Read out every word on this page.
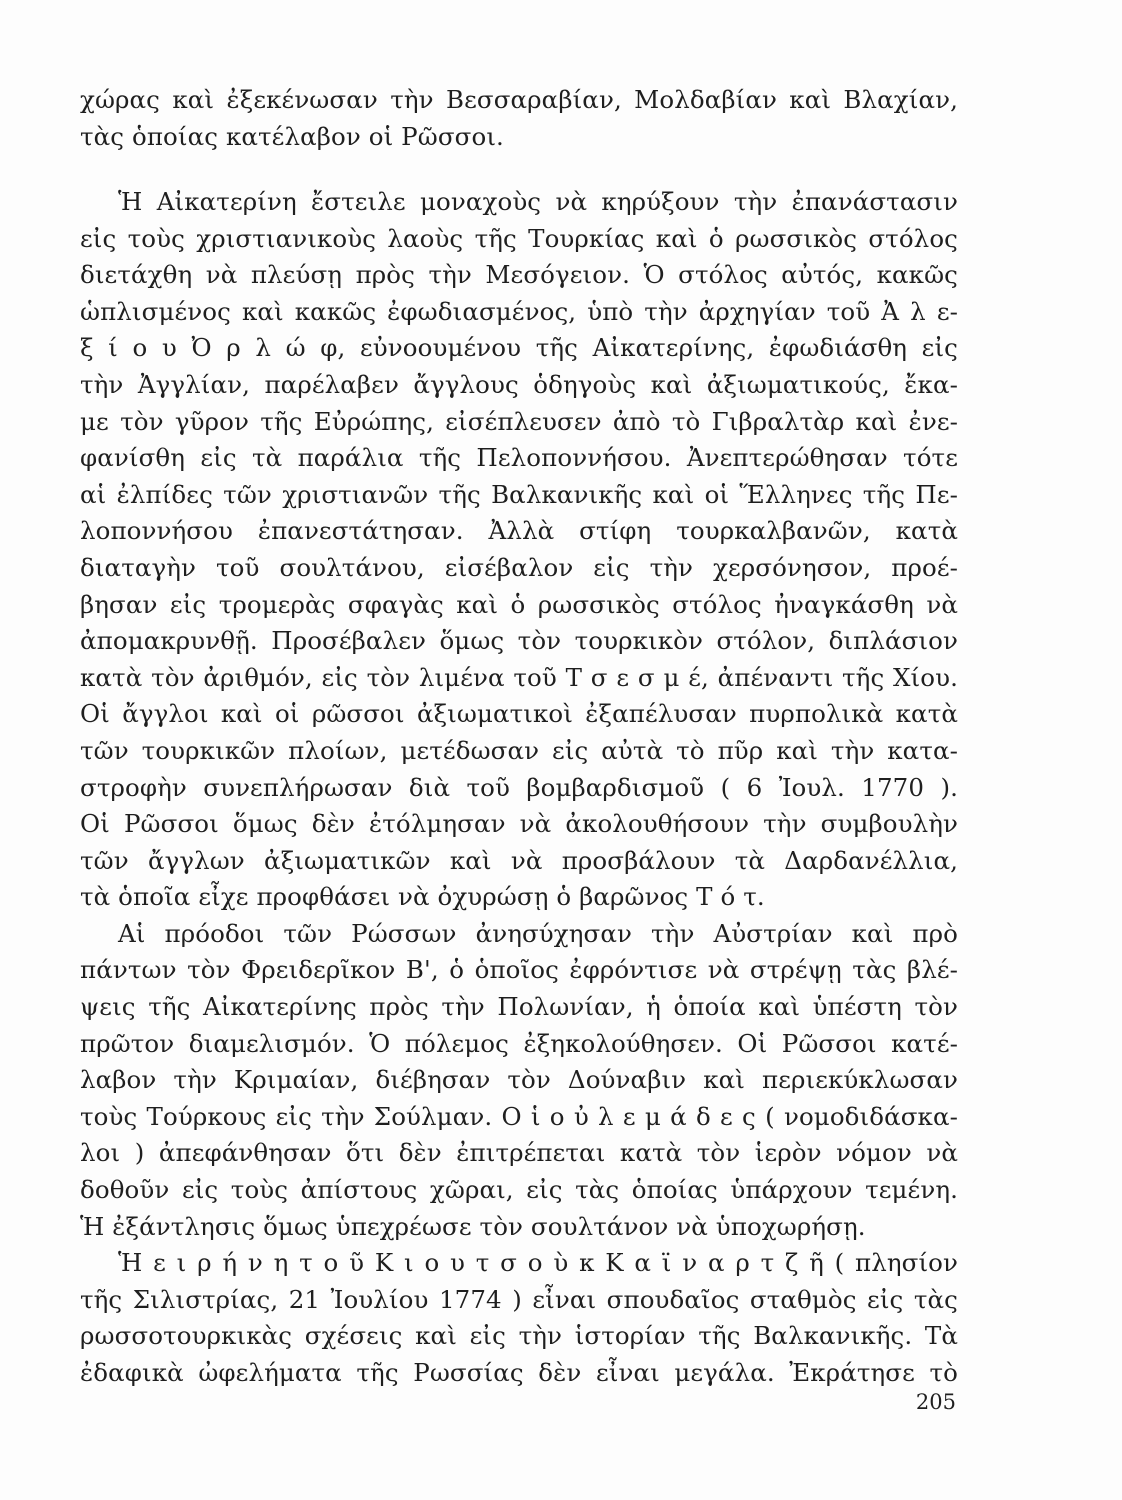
χώρας καὶ ἐξεκένωσαν τὴν Βεσσαραβίαν, Μολδαβίαν καὶ Βλαχίαν,
τὰς ὁποίας κατέλαβον οἱ Ρῶσσοι.
Ἡ Αἰκατερίνη ἔστειλε μοναχοὺς νὰ κηρύξουν τὴν ἐπανάστασιν
εἰς τοὺς χριστιανικοὺς λαοὺς τῆς Τουρκίας καὶ ὁ ρωσσικὸς στόλος
διετάχθη νὰ πλεύσῃ πρὸς τὴν Μεσόγειον. Ὁ στόλος αὐτός, κακῶς
ὡπλισμένος καὶ κακῶς ἐφωδιασμένος, ὑπὸ τὴν ἀρχηγίαν τοῦ Ἀ λ ε-
ξ ί ο υ Ὀ ρ λ ώ φ, εὐνοουμένου τῆς Αἰκατερίνης, ἐφωδιάσθη εἰς
τὴν Ἀγγλίαν, παρέλαβεν ἄγγλους ὁδηγοὺς καὶ ἀξιωματικούς, ἔκα-
με τὸν γῦρον τῆς Εὐρώπης, εἰσέπλευσεν ἀπὸ τὸ Γιβραλτὰρ καὶ ἐνε-
φανίσθη εἰς τὰ παράλια τῆς Πελοποννήσου. Ἀνεπτερώθησαν τότε
αἱ ἐλπίδες τῶν χριστιανῶν τῆς Βαλκανικῆς καὶ οἱ Ἕλληνες τῆς Πε-
λοποννήσου ἐπανεστάτησαν. Ἀλλὰ στίφη τουρκαλβανῶν, κατὰ
διαταγὴν τοῦ σουλτάνου, εἰσέβαλον εἰς τὴν χερσόνησον, προέ-
βησαν εἰς τρομερὰς σφαγὰς καὶ ὁ ρωσσικὸς στόλος ἠναγκάσθη νὰ
ἀπομακρυνθῇ. Προσέβαλεν ὅμως τὸν τουρκικὸν στόλον, διπλάσιον
κατὰ τὸν ἀριθμόν, εἰς τὸν λιμένα τοῦ Τ σ ε σ μ έ, ἀπέναντι τῆς Χίου.
Οἱ ἄγγλοι καὶ οἱ ρῶσσοι ἀξιωματικοὶ ἐξαπέλυσαν πυρπολικὰ κατὰ
τῶν τουρκικῶν πλοίων, μετέδωσαν εἰς αὐτὰ τὸ πῦρ καὶ τὴν κατα-
στροφὴν συνεπλήρωσαν διὰ τοῦ βομβαρδισμοῦ ( 6 Ἰουλ. 1770 ).
Οἱ Ρῶσσοι ὅμως δὲν ἐτόλμησαν νὰ ἀκολουθήσουν τὴν συμβουλὴν
τῶν ἄγγλων ἀξιωματικῶν καὶ νὰ προσβάλουν τὰ Δαρδανέλλια,
τὰ ὁποῖα εἶχε προφθάσει νὰ ὀχυρώσῃ ὁ βαρῶνος Τ ό τ.
Αἱ πρόοδοι τῶν Ρώσσων ἀνησύχησαν τὴν Αὐστρίαν καὶ πρὸ
πάντων τὸν Φρειδερῖκον Β', ὁ ὁποῖος ἐφρόντισε νὰ στρέψῃ τὰς βλέ-
ψεις τῆς Αἰκατερίνης πρὸς τὴν Πολωνίαν, ἡ ὁποία καὶ ὑπέστη τὸν
πρῶτον διαμελισμόν. Ὁ πόλεμος ἐξηκολούθησεν. Οἱ Ρῶσσοι κατέ-
λαβον τὴν Κριμαίαν, διέβησαν τὸν Δούναβιν καὶ περιεκύκλωσαν
τοὺς Τούρκους εἰς τὴν Σούλμαν. Ο ἱ ο ὐ λ ε μ ά δ ε ς ( νομοδιδάσκα-
λοι ) ἀπεφάνθησαν ὅτι δὲν ἐπιτρέπεται κατὰ τὸν ἱερὸν νόμον νὰ
δοθοῦν εἰς τοὺς ἀπίστους χῶραι, εἰς τὰς ὁποίας ὑπάρχουν τεμένη.
Ἡ ἐξάντλησις ὅμως ὑπεχρέωσε τὸν σουλτάνον νὰ ὑποχωρήσῃ.
Ἡ ε ι ρ ή ν η τ ο ῦ Κ ι ο υ τ σ ο ὺ κ Κ α ϊ ν α ρ τ ζ ῆ ( πλησίον
τῆς Σιλιστρίας, 21 Ἰουλίου 1774 ) εἶναι σπουδαῖος σταθμὸς εἰς τὰς
ρωσσοτουρκικὰς σχέσεις καὶ εἰς τὴν ἱστορίαν τῆς Βαλκανικῆς. Τὰ
ἐδαφικὰ ὠφελήματα τῆς Ρωσσίας δὲν εἶναι μεγάλα. Ἐκράτησε τὸ
205
